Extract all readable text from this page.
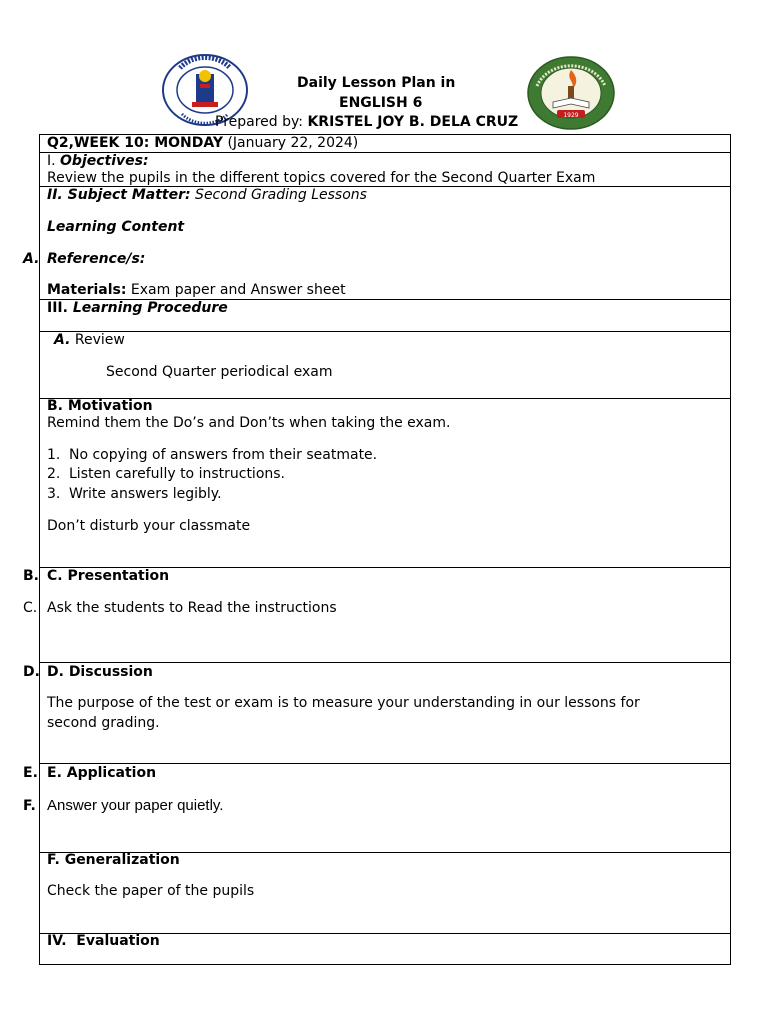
Daily Lesson Plan in
ENGLISH 6
1929
Prepared by: KRISTEL JOY B. DELA CRUZ
Q2,WEEK 10: MONDAY (January 22, 2024)
I. Objectives:
Review the pupils in the different topics covered for the Second Quarter Exam
II. Subject Matter: Second Grading Lessons
Learning Content
A. Reference/s:
Materials: Exam paper and Answer sheet
III. Learning Procedure
A. Review
Second Quarter periodical exam
B. Motivation
Remind them the Do’s and Don’ts when taking the exam.
1. No copying of answers from their seatmate.
2. Listen carefully to instructions.
3. Write answers legibly.
Don’t disturb your classmate
B. C. Presentation
C. Ask the students to Read the instructions
D. D. Discussion
The purpose of the test or exam is to measure your understanding in our lessons for
second grading.
E. E. Application
F. Answer your paper quietly.
F. Generalization
Check the paper of the pupils
IV.  Evaluation
